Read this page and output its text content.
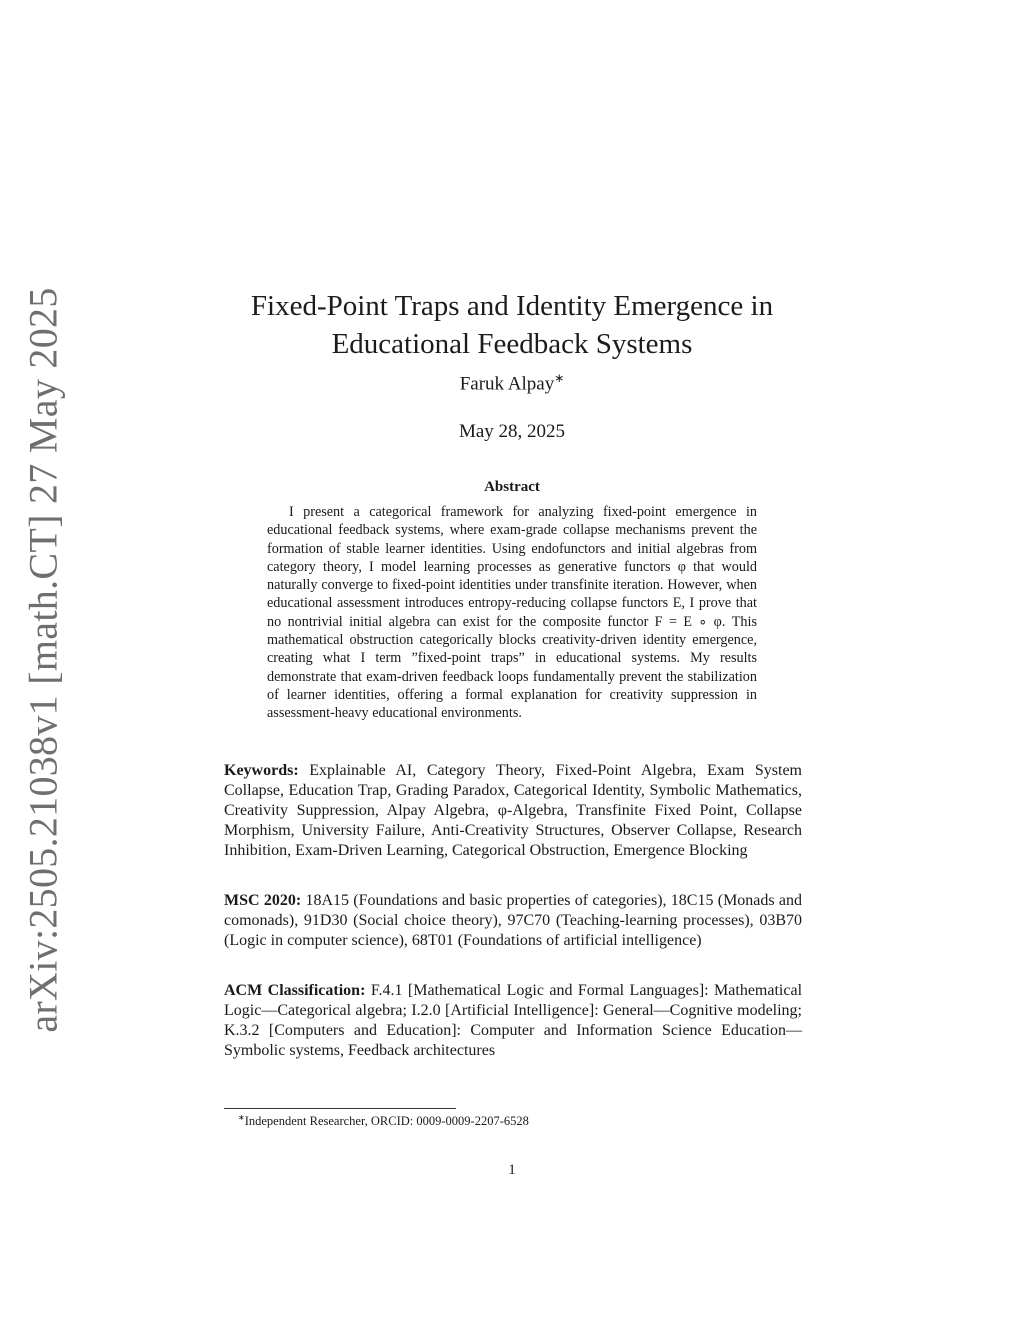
arXiv:2505.21038v1 [math.CT] 27 May 2025	Fixed-Point Traps and Identity Emergence in Educational Feedback Systems
Faruk Alpay∗
May 28, 2025
Abstract

I present a categorical framework for analyzing fixed-point emergence in educational feedback systems, where exam-grade collapse mechanisms prevent the formation of stable learner identities. Using endofunctors and initial algebras from category theory, I model learning processes as generative functors φ that would naturally converge to fixed-point identities under transfinite iteration. However, when educational assessment introduces entropy-reducing collapse functors E, I prove that no nontrivial initial algebra can exist for the composite functor F = E ∘ φ. This mathematical obstruction categorically blocks creativity-driven identity emergence, creating what I term ”fixed-point traps” in educational systems. My results demonstrate that exam-driven feedback loops fundamentally prevent the stabilization of learner identities, offering a formal explanation for creativity suppression in assessment-heavy educational environments.

Keywords: Explainable AI, Category Theory, Fixed-Point Algebra, Exam System Collapse, Education Trap, Grading Paradox, Categorical Identity, Symbolic Mathematics, Creativity Suppression, Alpay Algebra, φ-Algebra, Transfinite Fixed Point, Collapse Morphism, University Failure, Anti-Creativity Structures, Observer Collapse, Research Inhibition, Exam-Driven Learning, Categorical Obstruction, Emergence Blocking
MSC 2020: 18A15 (Foundations and basic properties of categories), 18C15 (Monads and comonads), 91D30 (Social choice theory), 97C70 (Teaching-learning processes), 03B70 (Logic in computer science), 68T01 (Foundations of artificial intelligence)
ACM Classification: F.4.1 [Mathematical Logic and Formal Languages]: Mathematical Logic—Categorical algebra; I.2.0 [Artificial Intelligence]: General—Cognitive modeling; K.3.2 [Computers and Education]: Computer and Information Science Education—Symbolic systems, Feedback architectures
∗Independent Researcher, ORCID: 0009-0009-2207-6528
1
